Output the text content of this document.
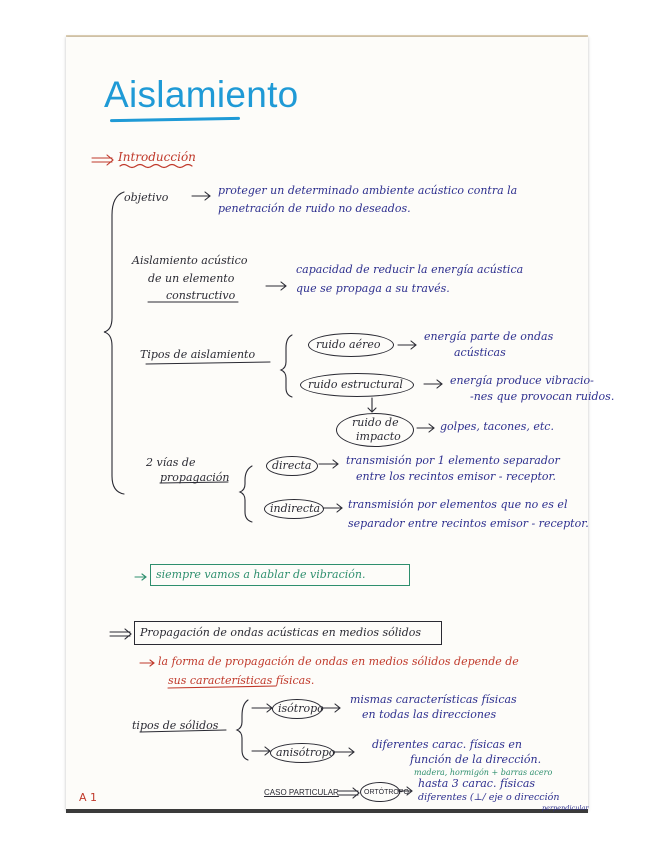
Aislamiento
Introducción
objetivo
proteger un determinado ambiente acústico contra la
penetración de ruido no deseados.
Aislamiento acústico
de un elemento
constructivo
capacidad de reducir la energía acústica
que se propaga a su través.
Tipos de aislamiento
ruido aéreo
energía parte de ondas
acústicas
ruido estructural	energía produce vibracio-
-nes que provocan ruidos.
ruido de
impacto
golpes, tacones, etc.
2 vías de
propagación
directa	transmisión por 1 elemento separador
entre los recintos emisor - receptor.
indirecta	transmisión por elementos que no es el
separador entre recintos emisor - receptor.
siempre vamos a hablar de vibración.
Propagación de ondas acústicas en medios sólidos
la forma de propagación de ondas en medios sólidos depende de
sus características físicas.
tipos de sólidos
isótropo
mismas características físicas
en todas las direcciones
anisótropo
diferentes carac. físicas en
función de la dirección.
madera, hormigón + barras acero
CASO PARTICULAR	ORTÓTROPO
hasta 3 carac. físicas
diferentes (⊥/ eje o dirección
perpendicular
A 1
